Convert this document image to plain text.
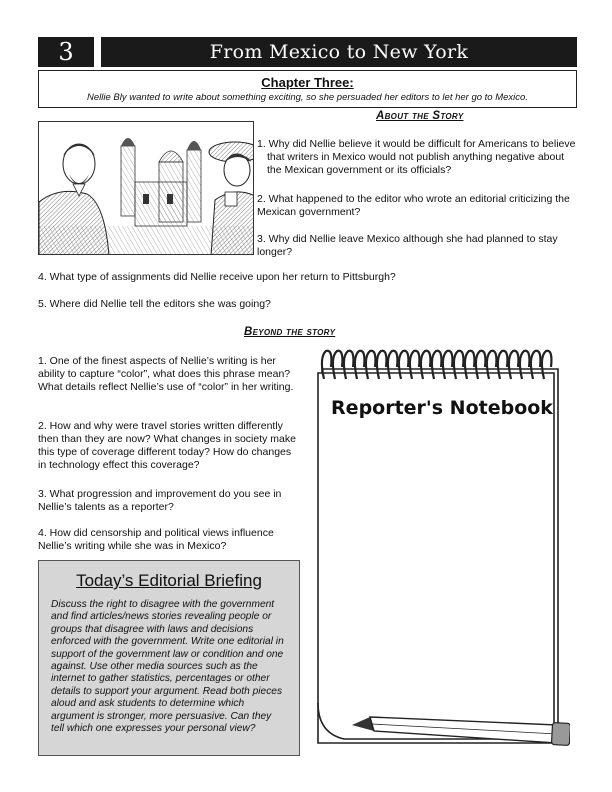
3	From Mexico to New York
Chapter Three:

Nellie Bly wanted to write about something exciting, so she persuaded her editors to let her go to Mexico.

About the Story

1. Why did Nellie believe it would be difficult for Americans to believe that writers in Mexico would not publish anything negative about the Mexican government or its officials?

2. What happened to the editor who wrote an editorial criticizing the Mexican government?

3. Why did Nellie leave Mexico although she had planned to stay longer?

4. What type of assignments did Nellie receive upon her return to Pittsburgh?

5. Where did Nellie tell the editors she was going?

Beyond the story

1. One of the finest aspects of Nellie’s writing is her ability to capture “color”, what does this phrase mean? What details reflect Nellie’s use of “color” in her writing.

2. How and why were travel stories written differently then than they are now? What changes in society make this type of coverage different today? How do changes in technology effect this coverage?

3. What progression and improvement do you see in Nellie’s talents as a reporter?

4. How did censorship and political views influence Nellie’s writing while she was in Mexico?

Today’s Editorial Briefing

Discuss the right to disagree with the government and find articles/news stories revealing people or groups that disagree with laws and decisions enforced with the government. Write one editorial in support of the government law or condition and one against. Use other media sources such as the internet to gather statistics, percentages or other details to support your argument. Read both pieces aloud and ask students to determine which argument is stronger, more persuasive. Can they tell which one expresses your personal view?

Reporter's Notebook
